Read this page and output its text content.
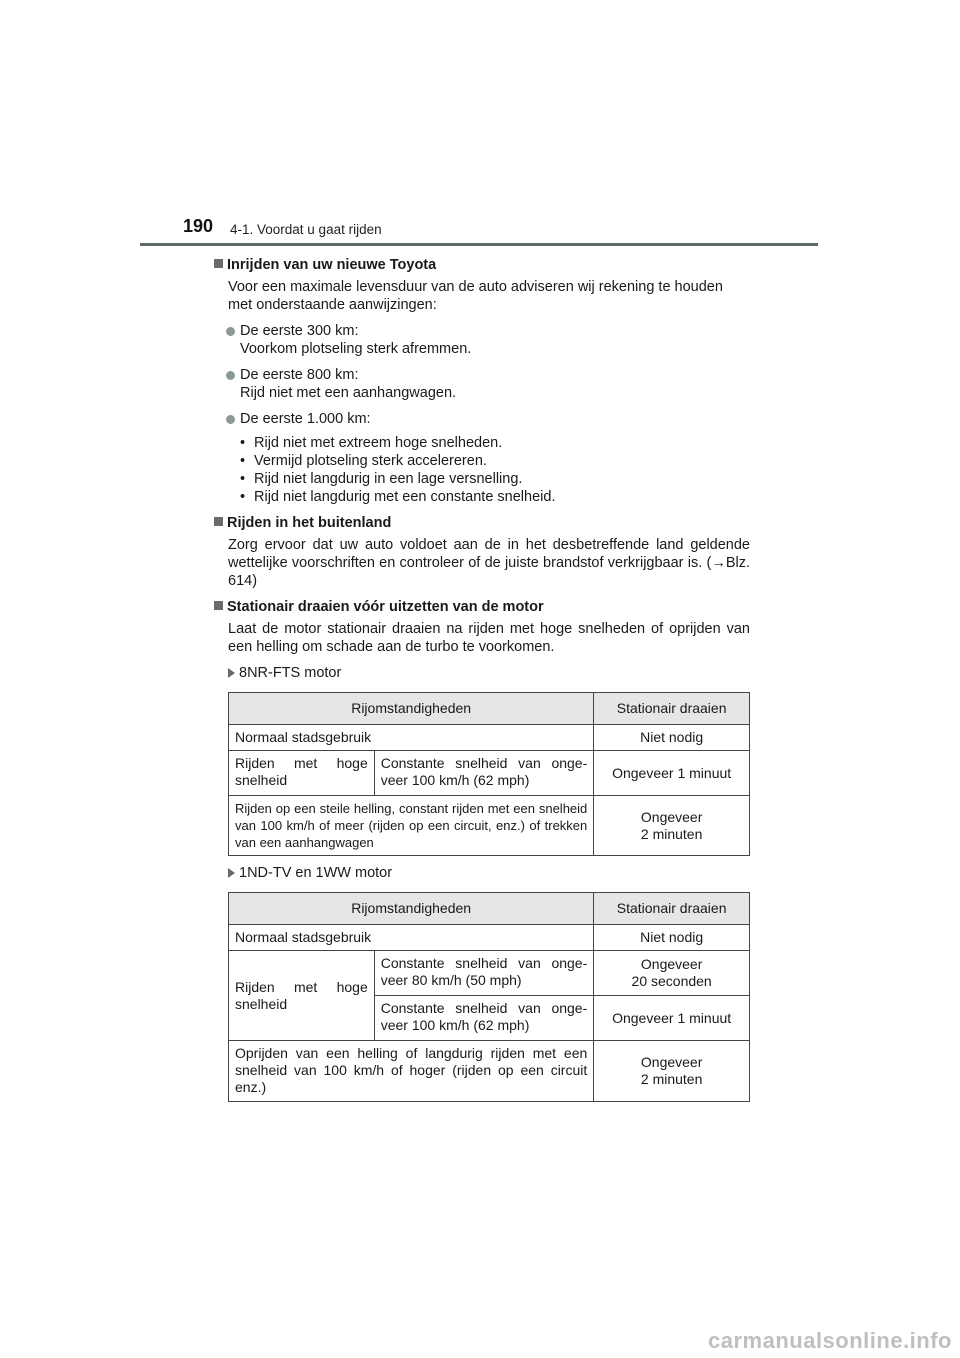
190 4-1. Voordat u gaat rijden
Inrijden van uw nieuwe Toyota
Voor een maximale levensduur van de auto adviseren wij rekening te houden met onderstaande aanwijzingen:
De eerste 300 km:
Voorkom plotseling sterk afremmen.
De eerste 800 km:
Rijd niet met een aanhangwagen.
De eerste 1.000 km:
• Rijd niet met extreem hoge snelheden.
• Vermijd plotseling sterk accelereren.
• Rijd niet langdurig in een lage versnelling.
• Rijd niet langdurig met een constante snelheid.
Rijden in het buitenland
Zorg ervoor dat uw auto voldoet aan de in het desbetreffende land geldende wettelijke voorschriften en controleer of de juiste brandstof verkrijgbaar is. (→Blz. 614)
Stationair draaien vóór uitzetten van de motor
Laat de motor stationair draaien na rijden met hoge snelheden of oprijden van een helling om schade aan de turbo te voorkomen.
8NR-FTS motor
Rijomstandigheden		Stationair draaien
Normaal stadsgebruik		Niet nodig
Rijden met hoge snelheid	Constante snelheid van onge-veer 100 km/h (62 mph)	Ongeveer 1 minuut
Rijden op een steile helling, constant rijden met een snelheid van 100 km/h of meer (rijden op een circuit, enz.) of trekken van een aanhangwagen		Ongeveer
2 minuten
1ND-TV en 1WW motor
Rijomstandigheden		Stationair draaien
Normaal stadsgebruik		Niet nodig
Rijden met hoge snelheid	Constante snelheid van onge-veer 80 km/h (50 mph)	Ongeveer
20 seconden

	Constante snelheid van onge-veer 100 km/h (62 mph)	Ongeveer 1 minuut
Oprijden van een helling of langdurig rijden met een snelheid van 100 km/h of hoger (rijden op een circuit enz.)		Ongeveer
2 minuten
carmanualsonline.info
